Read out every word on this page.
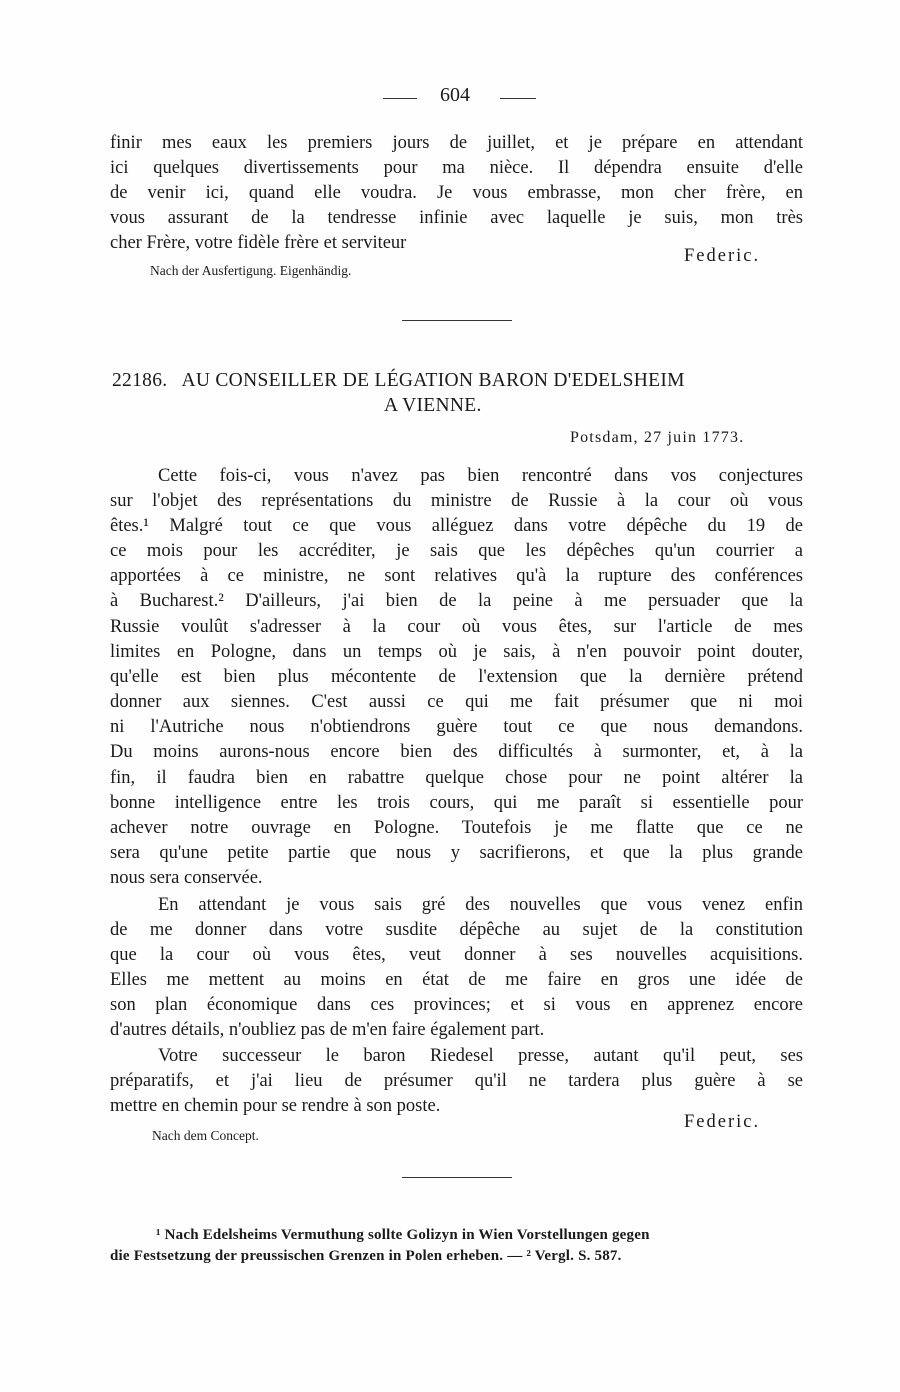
604
finir mes eaux les premiers jours de juillet, et je prépare en attendant
ici quelques divertissements pour ma nièce. Il dépendra ensuite d'elle
de venir ici, quand elle voudra. Je vous embrasse, mon cher frère, en
vous assurant de la tendresse infinie avec laquelle je suis, mon très
cher Frère, votre fidèle frère et serviteur
Federic.
Nach der Ausfertigung. Eigenhändig.
22186. AU CONSEILLER DE LÉGATION BARON D'EDELSHEIM
A VIENNE.
Potsdam, 27 juin 1773.
Cette fois-ci, vous n'avez pas bien rencontré dans vos conjectures
sur l'objet des représentations du ministre de Russie à la cour où vous
êtes.¹ Malgré tout ce que vous alléguez dans votre dépêche du 19 de
ce mois pour les accréditer, je sais que les dépêches qu'un courrier a
apportées à ce ministre, ne sont relatives qu'à la rupture des conférences
à Bucharest.² D'ailleurs, j'ai bien de la peine à me persuader que la
Russie voulût s'adresser à la cour où vous êtes, sur l'article de mes
limites en Pologne, dans un temps où je sais, à n'en pouvoir point douter,
qu'elle est bien plus mécontente de l'extension que la dernière prétend
donner aux siennes. C'est aussi ce qui me fait présumer que ni moi
ni l'Autriche nous n'obtiendrons guère tout ce que nous demandons.
Du moins aurons-nous encore bien des difficultés à surmonter, et, à la
fin, il faudra bien en rabattre quelque chose pour ne point altérer la
bonne intelligence entre les trois cours, qui me paraît si essentielle pour
achever notre ouvrage en Pologne. Toutefois je me flatte que ce ne
sera qu'une petite partie que nous y sacrifierons, et que la plus grande
nous sera conservée.
En attendant je vous sais gré des nouvelles que vous venez enfin
de me donner dans votre susdite dépêche au sujet de la constitution
que la cour où vous êtes, veut donner à ses nouvelles acquisitions.
Elles me mettent au moins en état de me faire en gros une idée de
son plan économique dans ces provinces; et si vous en apprenez encore
d'autres détails, n'oubliez pas de m'en faire également part.
Votre successeur le baron Riedesel presse, autant qu'il peut, ses
préparatifs, et j'ai lieu de présumer qu'il ne tardera plus guère à se
mettre en chemin pour se rendre à son poste.
Federic.
Nach dem Concept.
¹ Nach Edelsheims Vermuthung sollte Golizyn in Wien Vorstellungen gegen
die Festsetzung der preussischen Grenzen in Polen erheben. — ² Vergl. S. 587.
